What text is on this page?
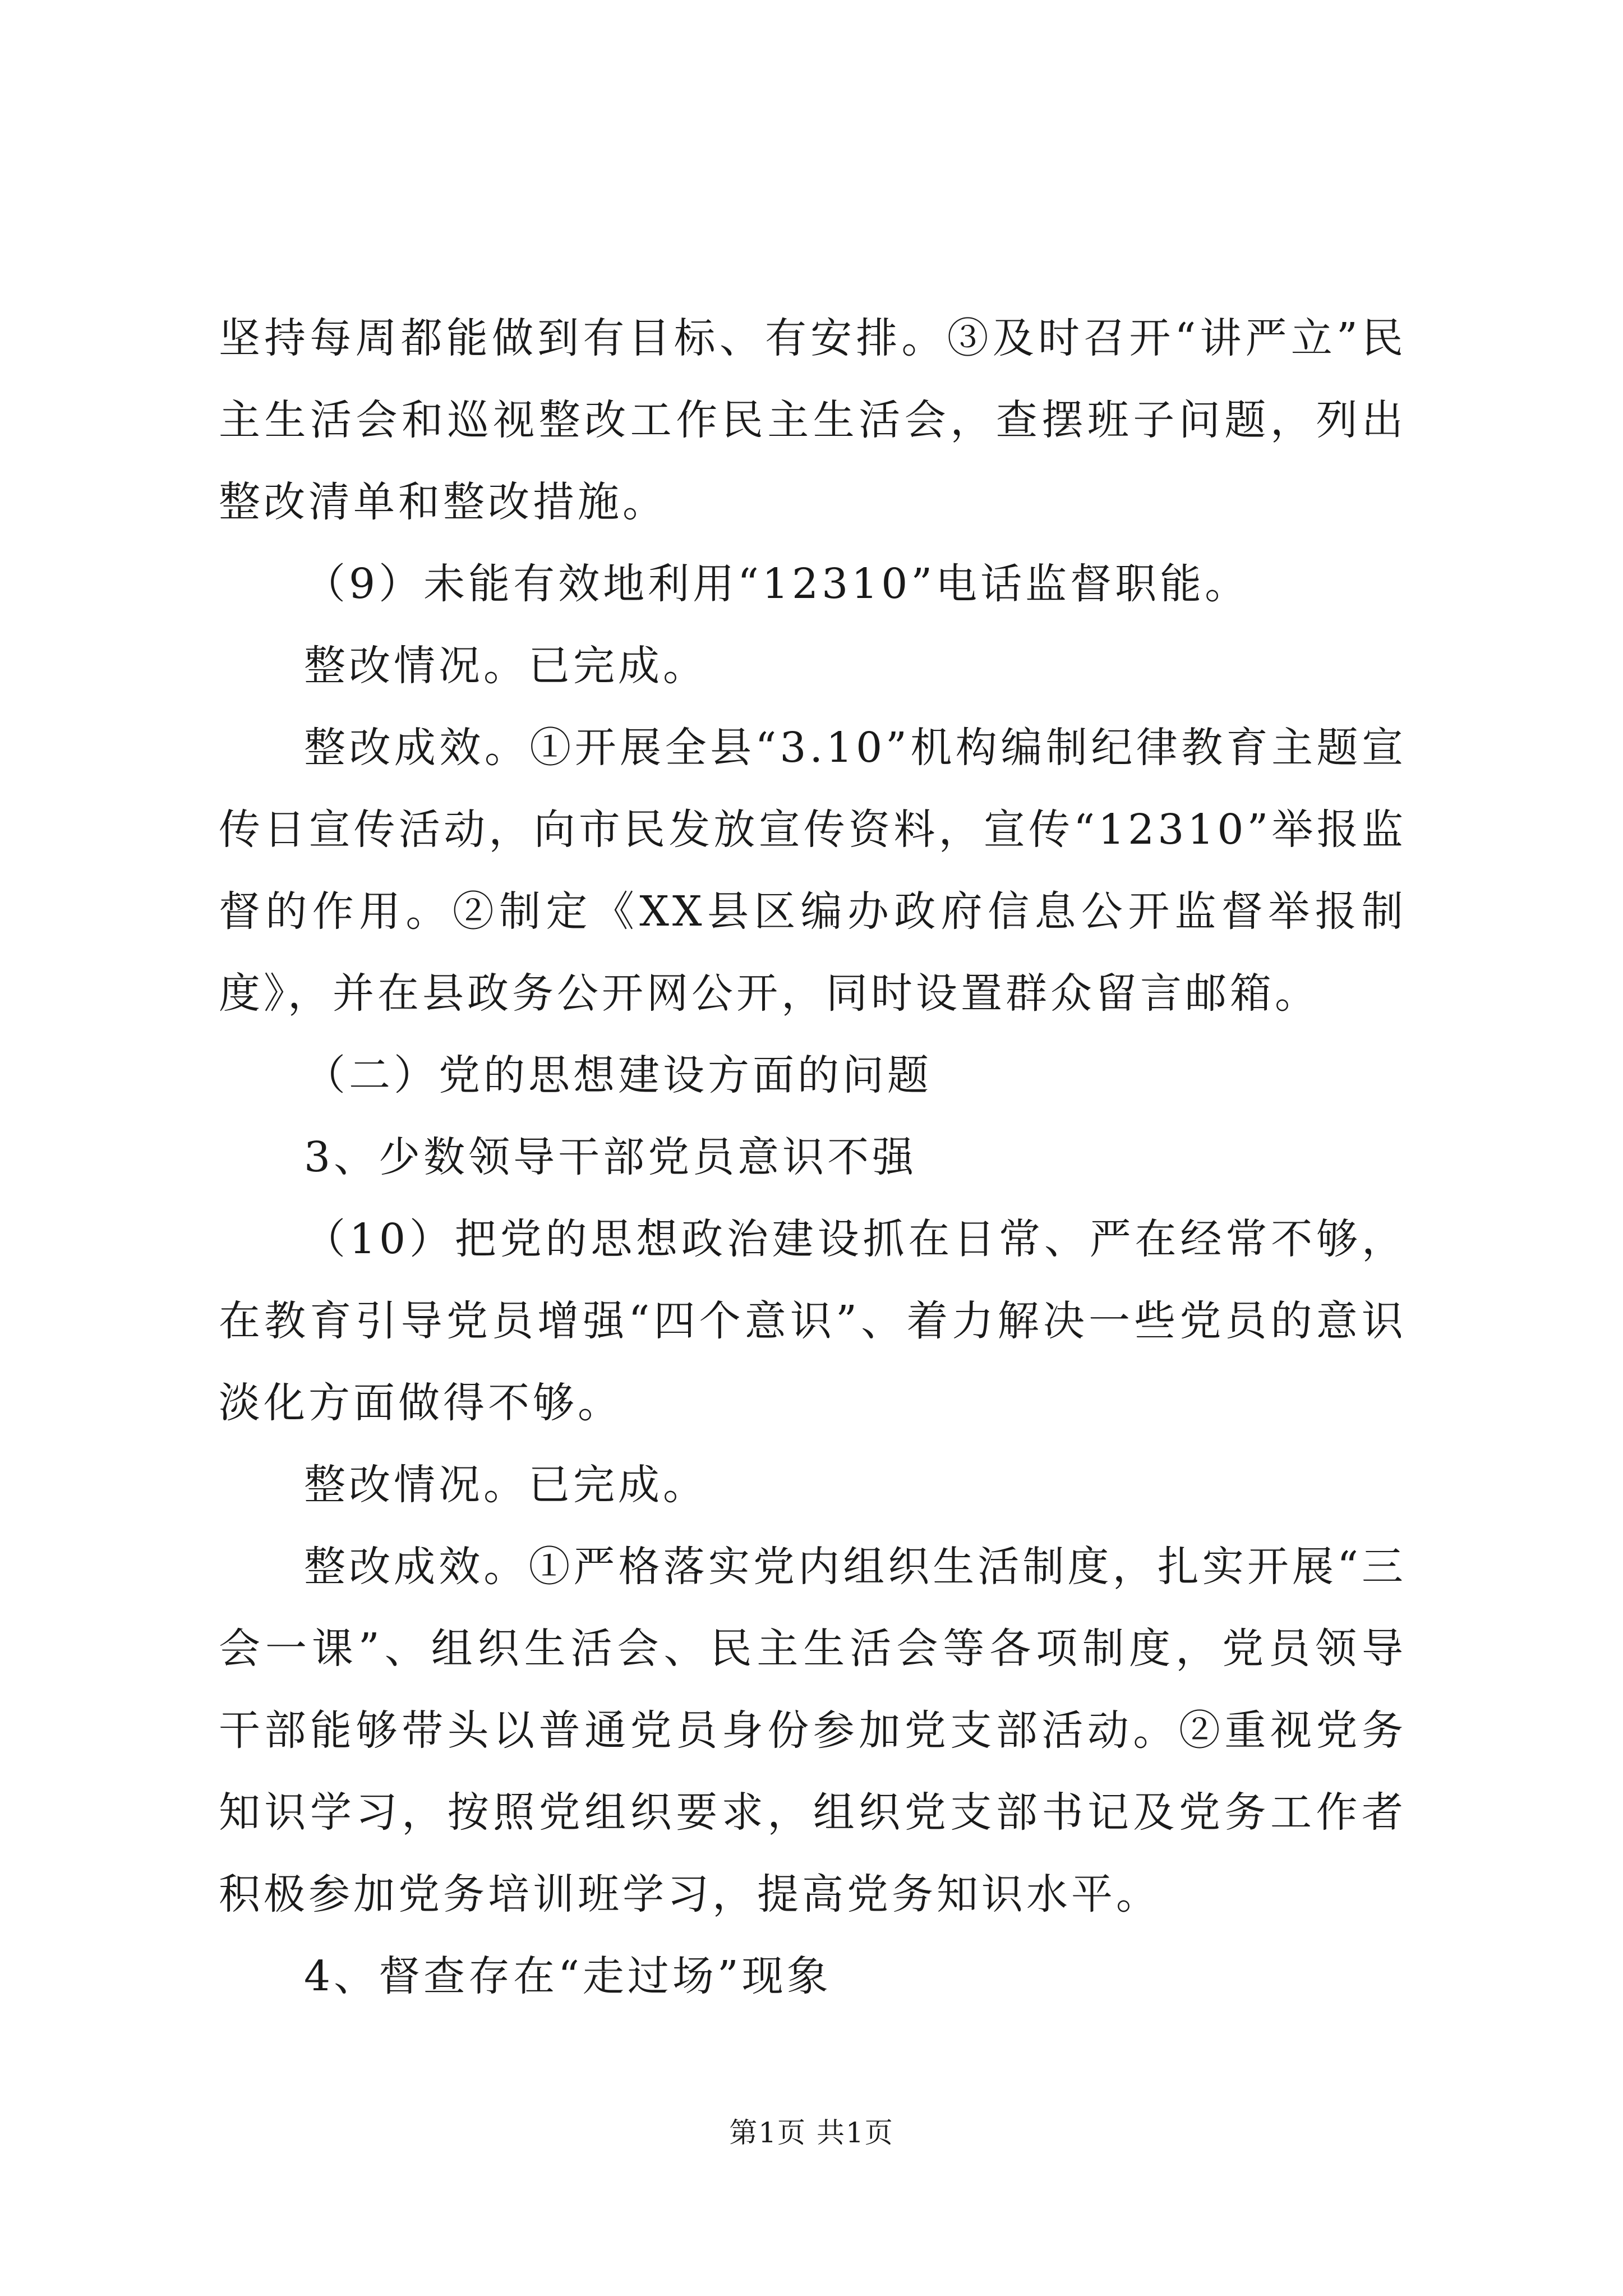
坚持每周都能做到有目标、有安排。③及时召开“讲严立”民主生活会和巡视整改工作民主生活会，查摆班子问题，列出整改清单和整改措施。

（9）未能有效地利用“12310”电话监督职能。

整改情况。已完成。

整改成效。①开展全县“3.10”机构编制纪律教育主题宣传日宣传活动，向市民发放宣传资料，宣传“12310”举报监督的作用。②制定《XX县区编办政府信息公开监督举报制度》，并在县政务公开网公开，同时设置群众留言邮箱。

（二）党的思想建设方面的问题

3、少数领导干部党员意识不强

（10）把党的思想政治建设抓在日常、严在经常不够，在教育引导党员增强“四个意识”、着力解决一些党员的意识淡化方面做得不够。

整改情况。已完成。

整改成效。①严格落实党内组织生活制度，扎实开展“三会一课”、组织生活会、民主生活会等各项制度，党员领导干部能够带头以普通党员身份参加党支部活动。②重视党务知识学习，按照党组织要求，组织党支部书记及党务工作者积极参加党务培训班学习，提高党务知识水平。

4、督查存在“走过场”现象

第1页 共1页
